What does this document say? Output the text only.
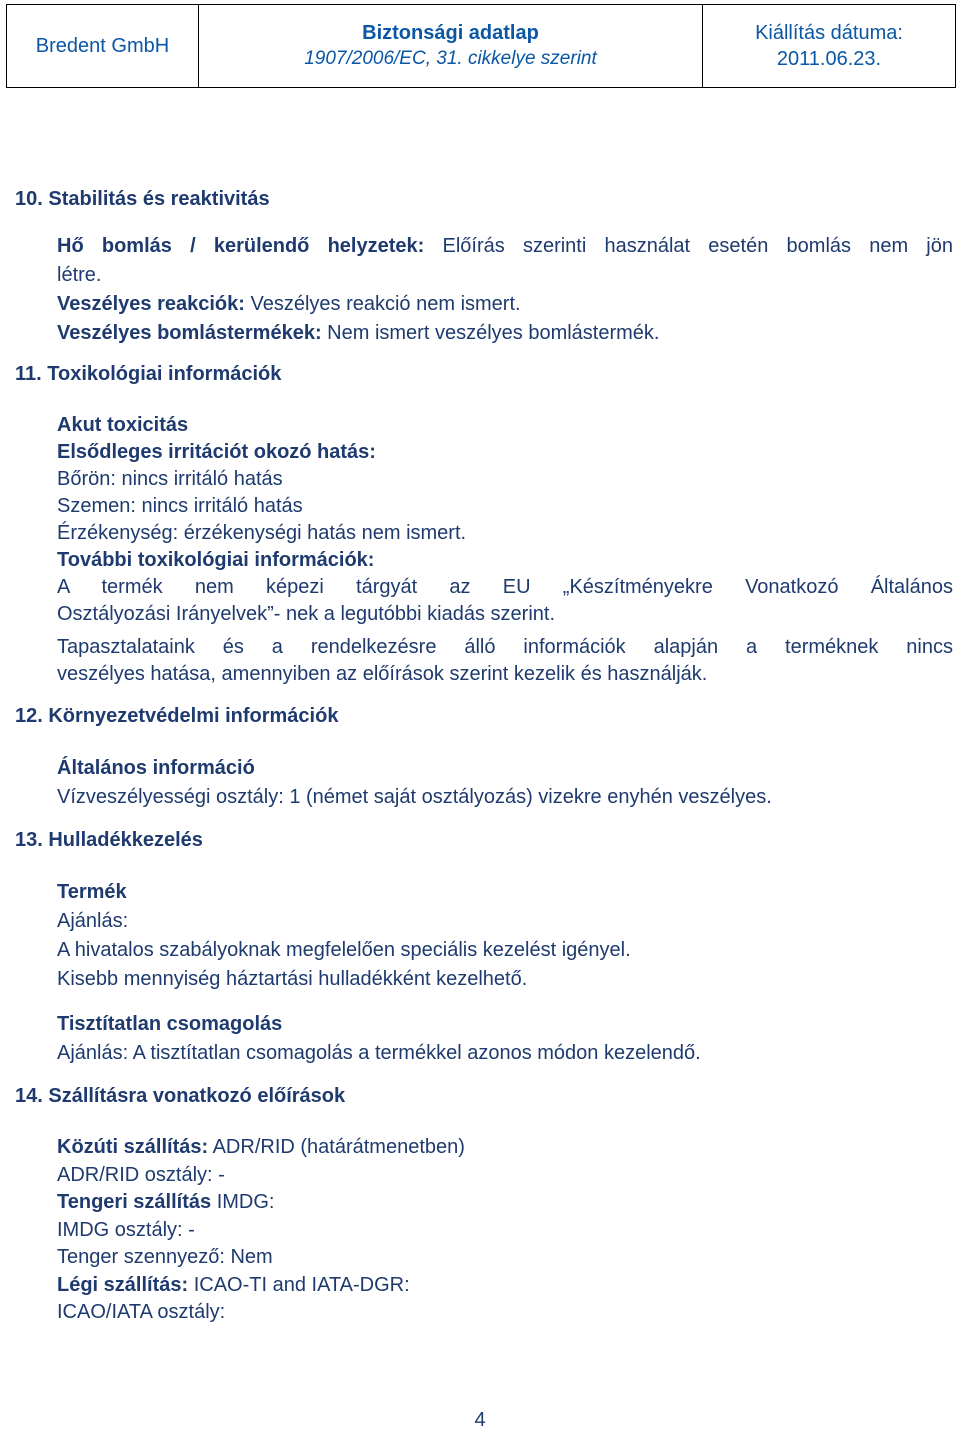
Bredent GmbH
Biztonsági adatlap
1907/2006/EC, 31. cikkelye szerint
Kiállítás dátuma:
2011.06.23.
10. Stabilitás és reaktivitás
Hő bomlás / kerülendő helyzetek: Előírás szerinti használat esetén bomlás nem jön
létre.
Veszélyes reakciók: Veszélyes reakció nem ismert.
Veszélyes bomlástermékek: Nem ismert veszélyes bomlástermék.
11. Toxikológiai információk
Akut toxicitás
Elsődleges irritációt okozó hatás:
Bőrön: nincs irritáló hatás
Szemen: nincs irritáló hatás
Érzékenység: érzékenységi hatás nem ismert.
További toxikológiai információk:
A termék nem képezi tárgyát az EU „Készítményekre Vonatkozó Általános
Osztályozási Irányelvek”- nek a legutóbbi kiadás szerint.
Tapasztalataink és a rendelkezésre álló információk alapján a terméknek nincs
veszélyes hatása, amennyiben az előírások szerint kezelik és használják.
12. Környezetvédelmi információk
Általános információ
Vízveszélyességi osztály: 1 (német saját osztályozás) vizekre enyhén veszélyes.
13. Hulladékkezelés
Termék
Ajánlás:
A hivatalos szabályoknak megfelelően speciális kezelést igényel.
Kisebb mennyiség háztartási hulladékként kezelhető.
Tisztítatlan csomagolás
Ajánlás: A tisztítatlan csomagolás a termékkel azonos módon kezelendő.
14. Szállításra vonatkozó előírások
Közúti szállítás: ADR/RID (határátmenetben)
ADR/RID osztály: -
Tengeri szállítás IMDG:
IMDG osztály: -
Tenger szennyező: Nem
Légi szállítás: ICAO-TI and IATA-DGR:
ICAO/IATA osztály:
4
